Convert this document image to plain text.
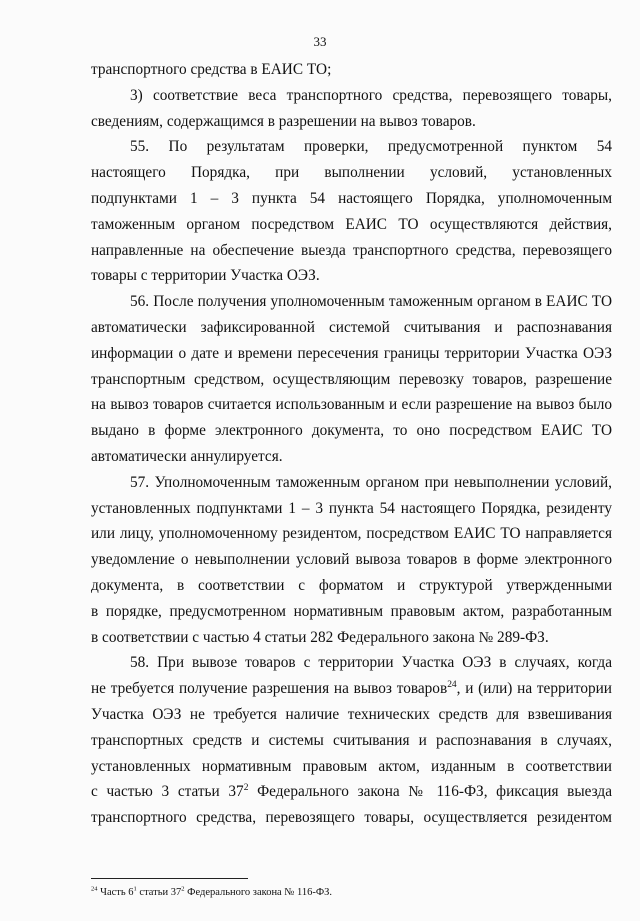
33
транспортного средства в ЕАИС ТО;
3) соответствие веса транспортного средства, перевозящего товары,
сведениям, содержащимся в разрешении на вывоз товаров.
55. По результатам проверки, предусмотренной пунктом 54
настоящего Порядка, при выполнении условий, установленных
подпунктами 1 – 3 пункта 54 настоящего Порядка, уполномоченным
таможенным органом посредством ЕАИС ТО осуществляются действия,
направленные на обеспечение выезда транспортного средства, перевозящего
товары с территории Участка ОЭЗ.
56. После получения уполномоченным таможенным органом в ЕАИС ТО
автоматически зафиксированной системой считывания и распознавания
информации о дате и времени пересечения границы территории Участка ОЭЗ
транспортным средством, осуществляющим перевозку товаров, разрешение
на вывоз товаров считается использованным и если разрешение на вывоз было
выдано в форме электронного документа, то оно посредством ЕАИС ТО
автоматически аннулируется.
57. Уполномоченным таможенным органом при невыполнении условий,
установленных подпунктами 1 – 3 пункта 54 настоящего Порядка, резиденту
или лицу, уполномоченному резидентом, посредством ЕАИС ТО направляется
уведомление о невыполнении условий вывоза товаров в форме электронного
документа, в соответствии с форматом и структурой утвержденными
в порядке, предусмотренном нормативным правовым актом, разработанным
в соответствии с частью 4 статьи 282 Федерального закона № 289-ФЗ.
58. При вывозе товаров с территории Участка ОЭЗ в случаях, когда
не требуется получение разрешения на вывоз товаров$^{24}$, и (или) на территории
Участка ОЭЗ не требуется наличие технических средств для взвешивания
транспортных средств и системы считывания и распознавания в случаях,
установленных нормативным правовым актом, изданным в соответствии
с частью 3 статьи $37^2$ Федерального закона № 116-ФЗ, фиксация выезда
транспортного средства, перевозящего товары, осуществляется резидентом
$^{24}$ Часть $6^1$ статьи $37^2$ Федерального закона № 116-ФЗ.
